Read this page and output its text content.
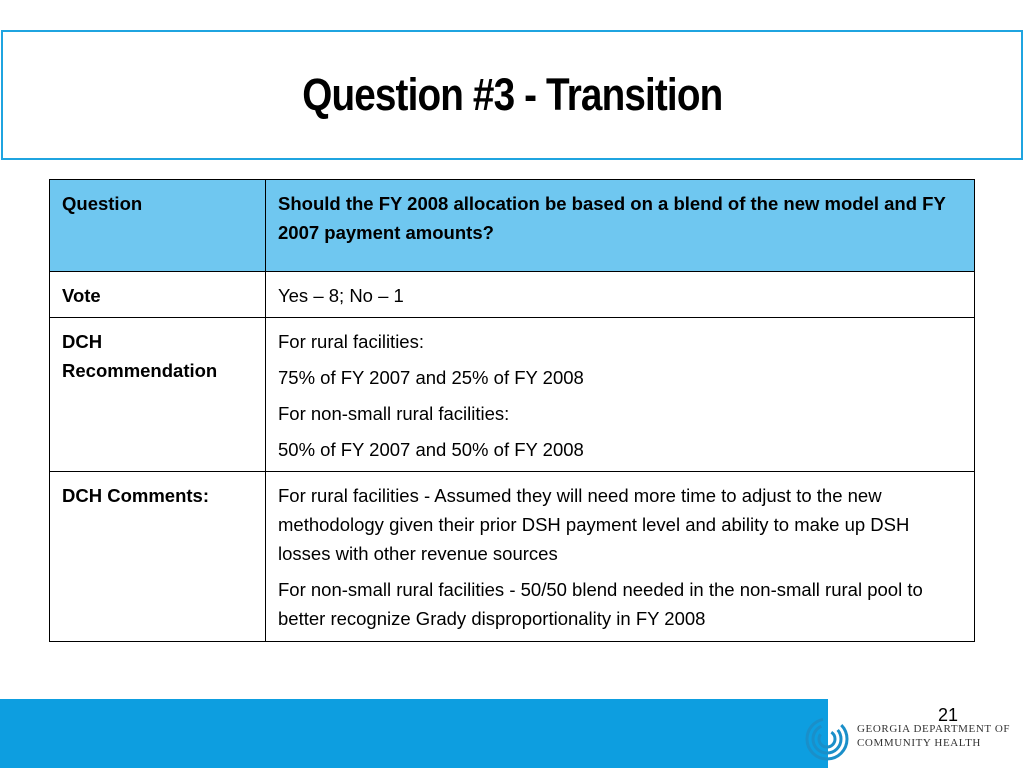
Question #3 - Transition
Question	Should the FY 2008 allocation be based on a blend of the new model and FY 2007 payment amounts?

Vote	Yes – 8; No – 1

DCH Recommendation	For rural facilities:
75% of FY 2007 and 25% of FY 2008
For non-small rural facilities:
50% of FY 2007 and 50% of FY 2008

DCH Comments:	For rural facilities - Assumed they will need more time to adjust to the new methodology given their prior DSH payment level and ability to make up DSH losses with other revenue sources
For non-small rural facilities - 50/50 blend needed in the non-small rural pool to better recognize Grady disproportionality in FY 2008
21
GEORGIA DEPARTMENT OF
COMMUNITY HEALTH
